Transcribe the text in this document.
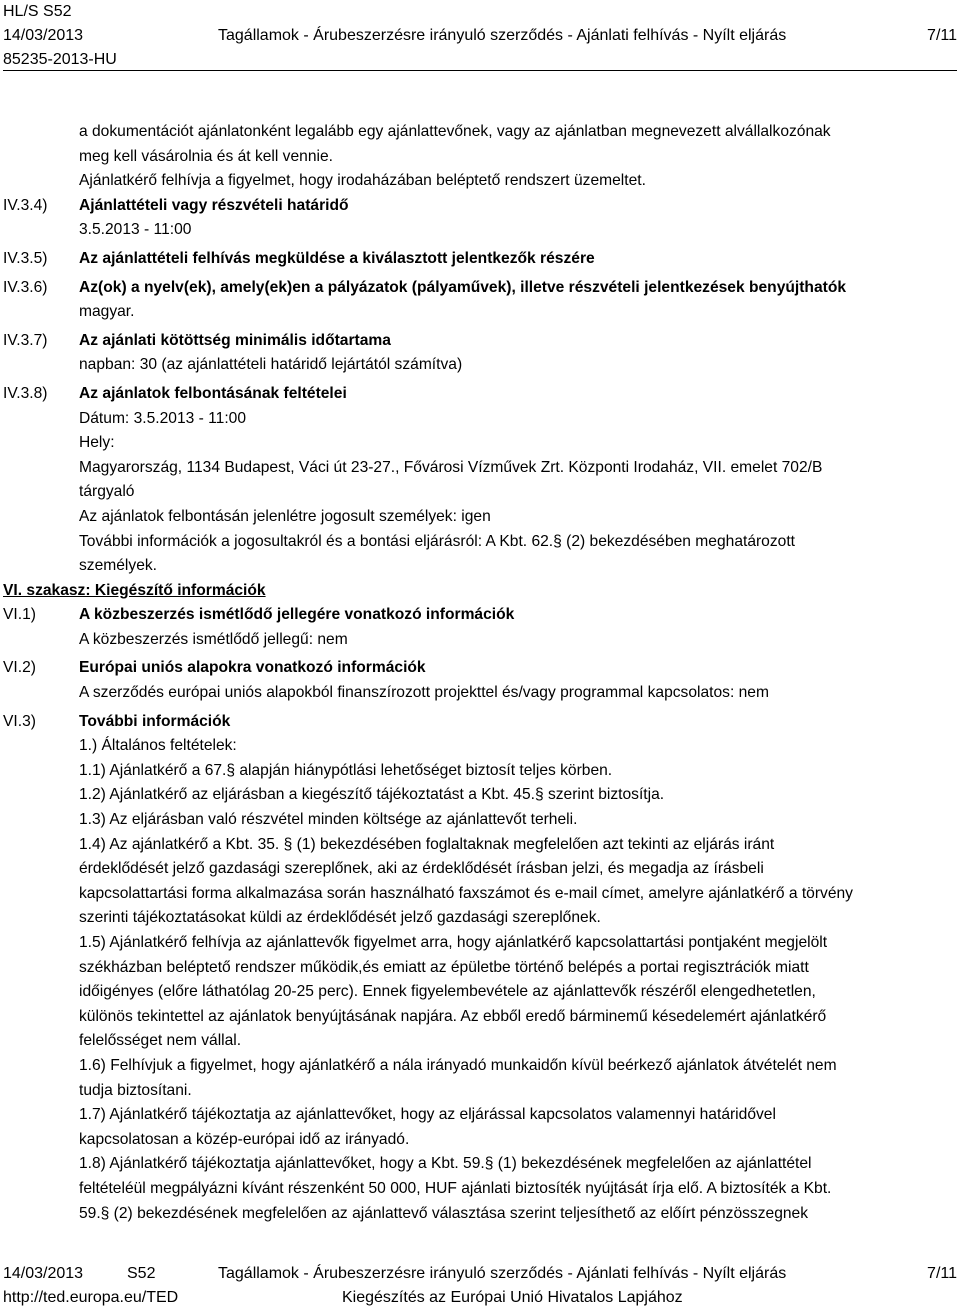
HL/S S52
14/03/2013	Tagállamok - Árubeszerzésre irányuló szerződés - Ajánlati felhívás - Nyílt eljárás	7/11
85235-2013-HU
a dokumentációt ajánlatonként legalább egy ajánlattevőnek, vagy az ajánlatban megnevezett alvállalkozónak
meg kell vásárolnia és át kell vennie.
Ajánlatkérő felhívja a figyelmet, hogy irodaházában beléptető rendszert üzemeltet.
IV.3.4)	Ajánlattételi vagy részvételi határidő
3.5.2013 - 11:00
IV.3.5)	Az ajánlattételi felhívás megküldése a kiválasztott jelentkezők részére
IV.3.6)	Az(ok) a nyelv(ek), amely(ek)en a pályázatok (pályaművek), illetve részvételi jelentkezések benyújthatók
magyar.
IV.3.7)	Az ajánlati kötöttség minimális időtartama
napban: 30 (az ajánlattételi határidő lejártától számítva)
IV.3.8)	Az ajánlatok felbontásának feltételei
Dátum: 3.5.2013 - 11:00
Hely:
Magyarország, 1134 Budapest, Váci út 23-27., Fővárosi Vízművek Zrt. Központi Irodaház, VII. emelet 702/B
tárgyaló
Az ajánlatok felbontásán jelenlétre jogosult személyek: igen
További információk a jogosultakról és a bontási eljárásról: A Kbt. 62.§ (2) bekezdésében meghatározott
személyek.
VI. szakasz: Kiegészítő információk
VI.1)	A közbeszerzés ismétlődő jellegére vonatkozó információk
A közbeszerzés ismétlődő jellegű: nem
VI.2)	Európai uniós alapokra vonatkozó információk
A szerződés európai uniós alapokból finanszírozott projekttel és/vagy programmal kapcsolatos: nem
VI.3)	További információk
1.) Általános feltételek:
1.1) Ajánlatkérő a 67.§ alapján hiánypótlási lehetőséget biztosít teljes körben.
1.2) Ajánlatkérő az eljárásban a kiegészítő tájékoztatást a Kbt. 45.§ szerint biztosítja.
1.3) Az eljárásban való részvétel minden költsége az ajánlattevőt terheli.
1.4) Az ajánlatkérő a Kbt. 35. § (1) bekezdésében foglaltaknak megfelelően azt tekinti az eljárás iránt
érdeklődését jelző gazdasági szereplőnek, aki az érdeklődését írásban jelzi, és megadja az írásbeli
kapcsolattartási forma alkalmazása során használható faxszámot és e-mail címet, amelyre ajánlatkérő a törvény
szerinti tájékoztatásokat küldi az érdeklődését jelző gazdasági szereplőnek.
1.5) Ajánlatkérő felhívja az ajánlattevők figyelmet arra, hogy ajánlatkérő kapcsolattartási pontjaként megjelölt
székházban beléptető rendszer működik,és emiatt az épületbe történő belépés a portai regisztrációk miatt
időigényes (előre láthatólag 20-25 perc). Ennek figyelembevétele az ajánlattevők részéről elengedhetetlen,
különös tekintettel az ajánlatok benyújtásának napjára. Az ebből eredő bárminemű késedelemért ajánlatkérő
felelősséget nem vállal.
1.6) Felhívjuk a figyelmet, hogy ajánlatkérő a nála irányadó munkaidőn kívül beérkező ajánlatok átvételét nem
tudja biztosítani.
1.7) Ajánlatkérő tájékoztatja az ajánlattevőket, hogy az eljárással kapcsolatos valamennyi határidővel
kapcsolatosan a közép-európai idő az irányadó.
1.8) Ajánlatkérő tájékoztatja ajánlattevőket, hogy a Kbt. 59.§ (1) bekezdésének megfelelően az ajánlattétel
feltételéül megpályázni kívánt részenként 50 000, HUF ajánlati biztosíték nyújtását írja elő. A biztosíték a Kbt.
59.§ (2) bekezdésének megfelelően az ajánlattevő választása szerint teljesíthető az előírt pénzösszegnek
14/03/2013	S52	Tagállamok - Árubeszerzésre irányuló szerződés - Ajánlati felhívás - Nyílt eljárás	7/11
http://ted.europa.eu/TED	Kiegészítés az Európai Unió Hivatalos Lapjához
